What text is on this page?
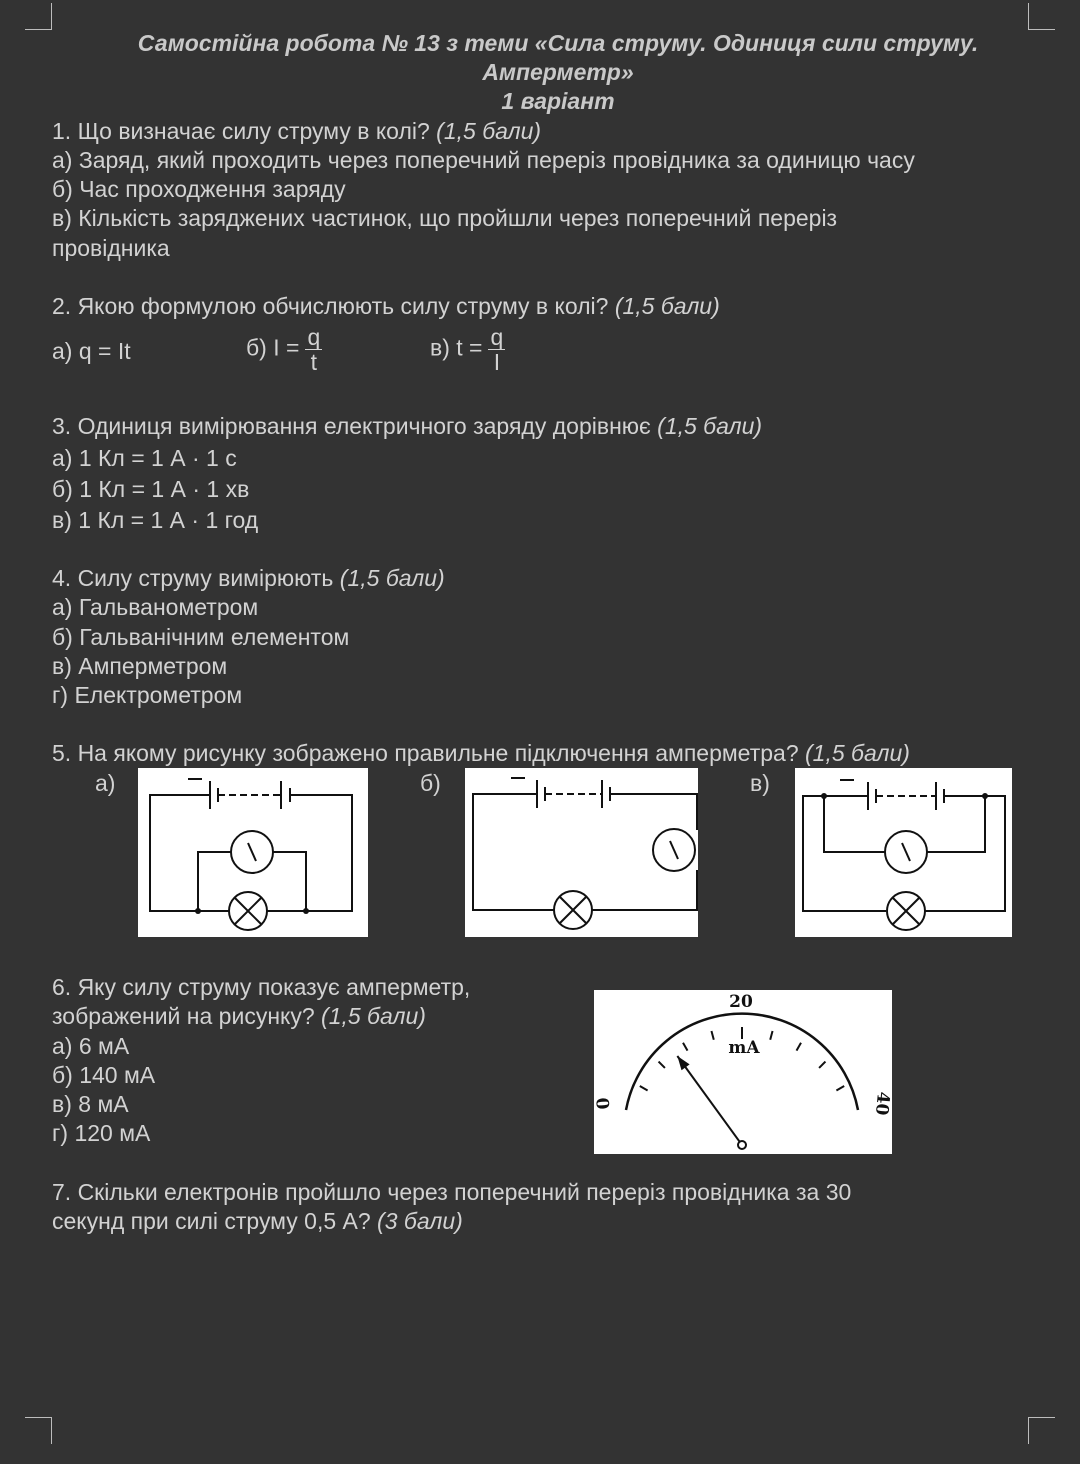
Самостійна робота № 13 з теми «Сила струму. Одиниця сили струму.
Амперметр»
1 варіант
1. Що визначає силу струму в колі? (1,5 бали)
а) Заряд, який проходить через поперечний переріз провідника за одиницю часу
б) Час проходження заряду
в) Кількість заряджених частинок, що пройшли через поперечний переріз
провідника
2. Якою формулою обчислюють силу струму в колі? (1,5 бали)
а) q = It	б) $I = \frac{q}{t}$	в) $t = \frac{q}{I}$
3. Одиниця вимірювання електричного заряду дорівнює (1,5 бали)
а) 1 Кл = 1 А · 1 с
б) 1 Кл = 1 А · 1 хв
в) 1 Кл = 1 А · 1 год
4. Силу струму вимірюють (1,5 бали)
а) Гальванометром
б) Гальванічним елементом
в) Амперметром
г) Електрометром
5. На якому рисунку зображено правильне підключення амперметра? (1,5 бали)
а)	б)	в)
6. Яку силу струму показує амперметр,
зображений на рисунку? (1,5 бали)
а) 6 мА
б) 140 мА
в) 8 мА
г) 120 мА
20
mA
0	40
7. Скільки електронів пройшло через поперечний переріз провідника за 30
секунд при силі струму 0,5 А? (3 бали)
